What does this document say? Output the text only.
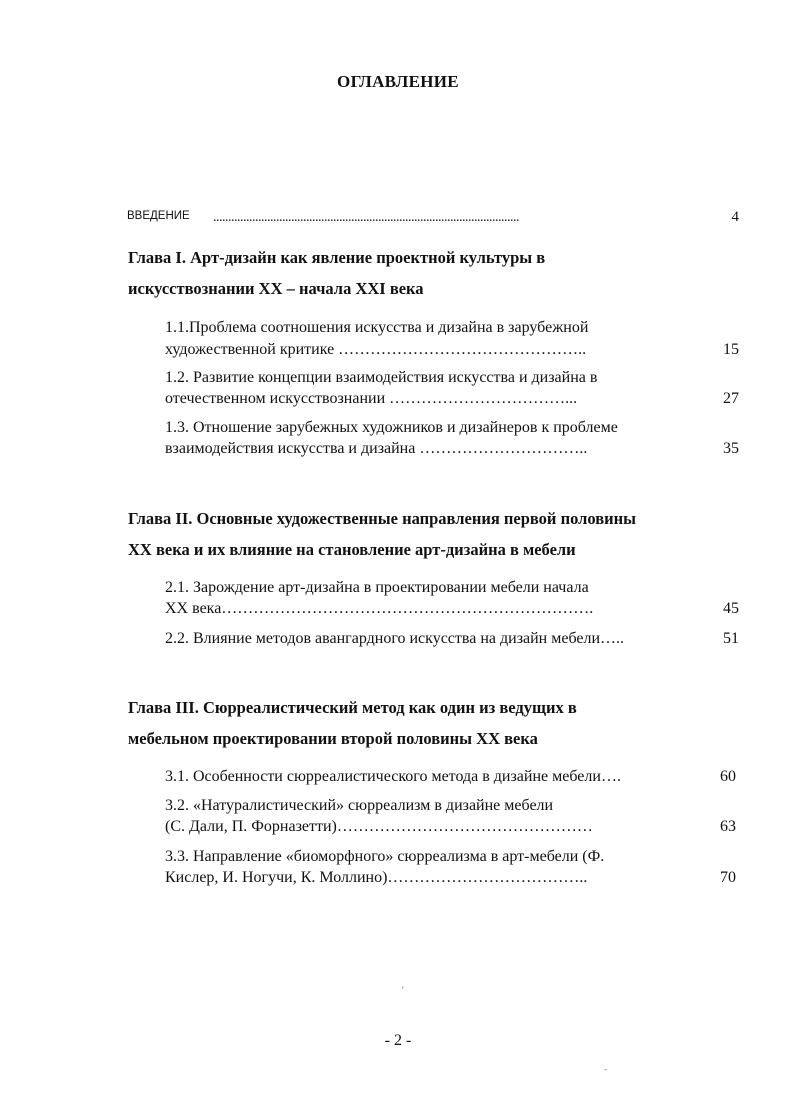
ОГЛАВЛЕНИЕ
ВВЕДЕНИЕ ......................................................................................................	4
Глава I. Арт-дизайн как явление проектной культуры в
искусствознании XX – начала XXI века
1.1.Проблема соотношения искусства и дизайна в зарубежной
художественной критике ………………………………………..	15
1.2. Развитие концепции взаимодействия искусства и дизайна в
отечественном искусствознании ……………………………...	27
1.3. Отношение зарубежных художников и дизайнеров к проблеме
взаимодействия искусства и дизайна …………………………..	35
Глава II. Основные художественные направления первой половины
XX века и их влияние на становление арт-дизайна в мебели
2.1. Зарождение арт-дизайна в проектировании мебели начала
XX века…………………………………………………………….	45
2.2. Влияние методов авангардного искусства на дизайн мебели…..	51
Глава III. Сюрреалистический метод как один из ведущих в
мебельном проектировании второй половины XX века
3.1. Особенности сюрреалистического метода в дизайне мебели….	60
3.2. «Натуралистический» сюрреализм в дизайне мебели
(С. Дали, П. Форназетти)…………………………………………	63
3.3. Направление «биоморфного» сюрреализма в арт-мебели (Ф.
Кислер, И. Ногучи, К. Моллино)………………………………..	70
'
- 2 -
-
